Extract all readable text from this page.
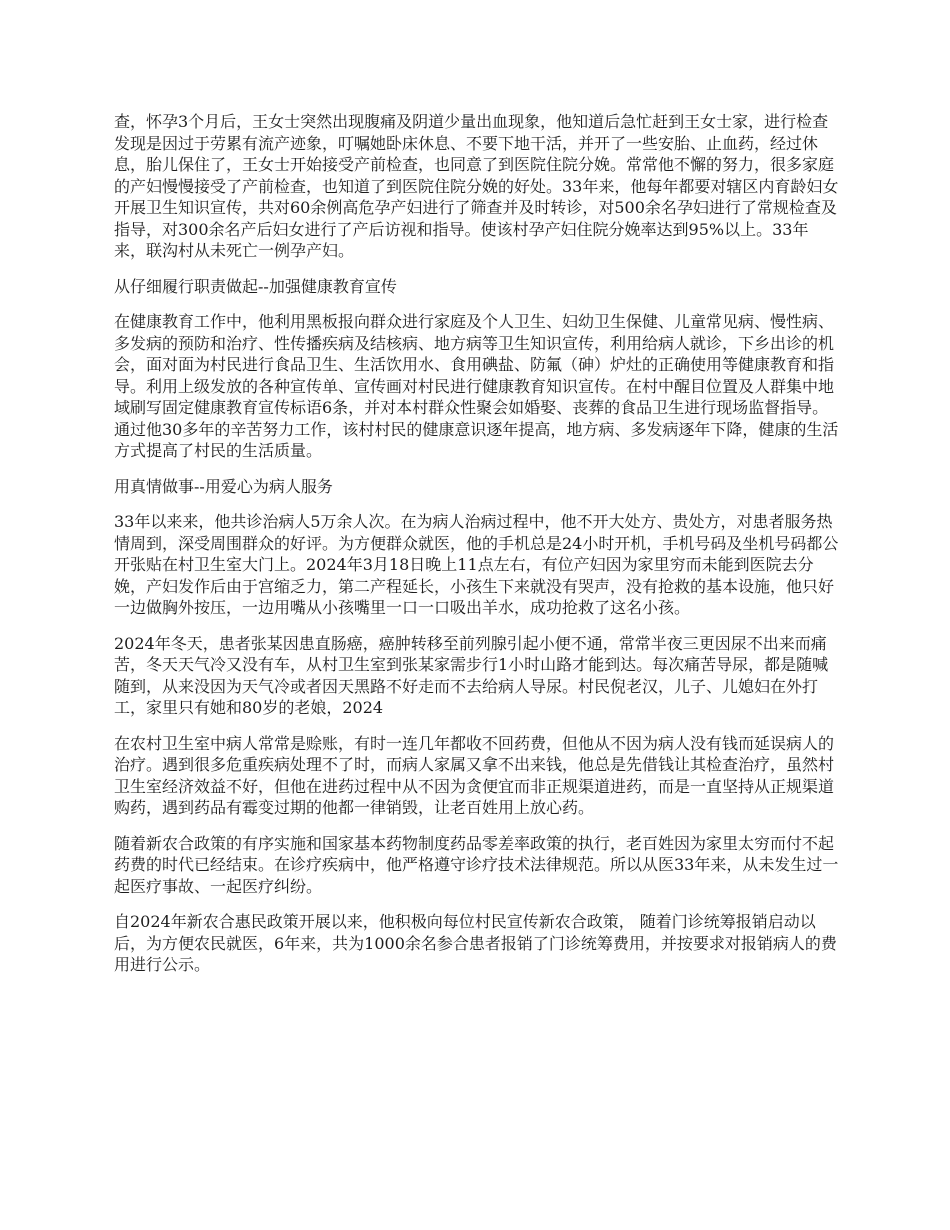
查，怀孕3个月后，王女士突然出现腹痛及阴道少量出血现象，他知道后急忙赶到王女士家，进行检查发现是因过于劳累有流产迹象，叮嘱她卧床休息、不要下地干活，并开了一些安胎、止血药，经过休息，胎儿保住了，王女士开始接受产前检查，也同意了到医院住院分娩。常常他不懈的努力，很多家庭的产妇慢慢接受了产前检查，也知道了到医院住院分娩的好处。33年来，他每年都要对辖区内育龄妇女开展卫生知识宣传，共对60余例高危孕产妇进行了筛查并及时转诊，对500余名孕妇进行了常规检查及指导，对300余名产后妇女进行了产后访视和指导。使该村孕产妇住院分娩率达到95%以上。33年来，联沟村从未死亡一例孕产妇。

从仔细履行职责做起--加强健康教育宣传

在健康教育工作中，他利用黑板报向群众进行家庭及个人卫生、妇幼卫生保健、儿童常见病、慢性病、多发病的预防和治疗、性传播疾病及结核病、地方病等卫生知识宣传，利用给病人就诊，下乡出诊的机会，面对面为村民进行食品卫生、生活饮用水、食用碘盐、防氟（砷）炉灶的正确使用等健康教育和指导。利用上级发放的各种宣传单、宣传画对村民进行健康教育知识宣传。在村中醒目位置及人群集中地域刷写固定健康教育宣传标语6条，并对本村群众性聚会如婚娶、丧葬的食品卫生进行现场监督指导。通过他30多年的辛苦努力工作，该村村民的健康意识逐年提高，地方病、多发病逐年下降，健康的生活方式提高了村民的生活质量。

用真情做事--用爱心为病人服务

33年以来来，他共诊治病人5万余人次。在为病人治病过程中，他不开大处方、贵处方，对患者服务热情周到，深受周围群众的好评。为方便群众就医，他的手机总是24小时开机，手机号码及坐机号码都公开张贴在村卫生室大门上。2024年3月18日晚上11点左右，有位产妇因为家里穷而未能到医院去分娩，产妇发作后由于宫缩乏力，第二产程延长，小孩生下来就没有哭声，没有抢救的基本设施，他只好一边做胸外按压，一边用嘴从小孩嘴里一口一口吸出羊水，成功抢救了这名小孩。

2024年冬天，患者张某因患直肠癌，癌肿转移至前列腺引起小便不通，常常半夜三更因尿不出来而痛苦，冬天天气冷又没有车，从村卫生室到张某家需步行1小时山路才能到达。每次痛苦导尿，都是随喊随到，从来没因为天气冷或者因天黑路不好走而不去给病人导尿。村民倪老汉，儿子、儿媳妇在外打工，家里只有她和80岁的老娘，2024

在农村卫生室中病人常常是赊账，有时一连几年都收不回药费，但他从不因为病人没有钱而延误病人的治疗。遇到很多危重疾病处理不了时，而病人家属又拿不出来钱，他总是先借钱让其检查治疗，虽然村卫生室经济效益不好，但他在进药过程中从不因为贪便宜而非正规渠道进药，而是一直坚持从正规渠道购药，遇到药品有霉变过期的他都一律销毁，让老百姓用上放心药。

随着新农合政策的有序实施和国家基本药物制度药品零差率政策的执行，老百姓因为家里太穷而付不起药费的时代已经结束。在诊疗疾病中，他严格遵守诊疗技术法律规范。所以从医33年来，从未发生过一起医疗事故、一起医疗纠纷。

自2024年新农合惠民政策开展以来，他积极向每位村民宣传新农合政策， 随着门诊统筹报销启动以后，为方便农民就医，6年来，共为1000余名参合患者报销了门诊统筹费用，并按要求对报销病人的费用进行公示。
